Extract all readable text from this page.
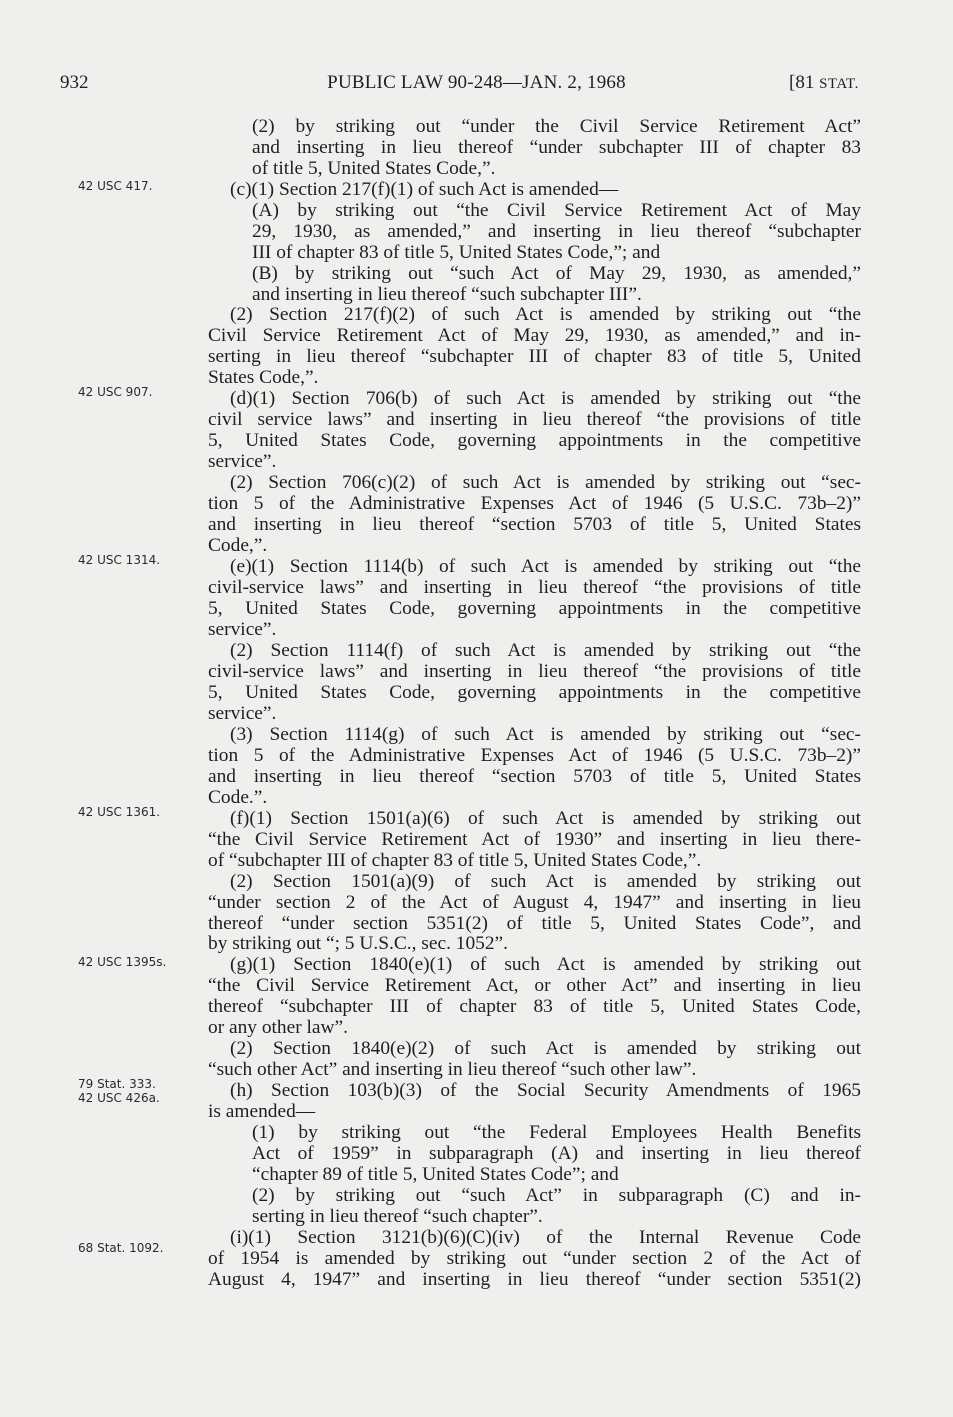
932	PUBLIC LAW 90-248—JAN. 2, 1968	[81 STAT.
42 USC 417.
42 USC 907.
42 USC 1314.
42 USC 1361.
42 USC 1395s.
79 Stat. 333.
42 USC 426a.
68 Stat. 1092.
(2) by striking out “under the Civil Service Retirement Act”
and inserting in lieu thereof “under subchapter III of chapter 83
of title 5, United States Code,”.
(c)(1) Section 217(f)(1) of such Act is amended—
(A) by striking out “the Civil Service Retirement Act of May
29, 1930, as amended,” and inserting in lieu thereof “subchapter
III of chapter 83 of title 5, United States Code,”; and
(B) by striking out “such Act of May 29, 1930, as amended,”
and inserting in lieu thereof “such subchapter III”.
(2) Section 217(f)(2) of such Act is amended by striking out “the
Civil Service Retirement Act of May 29, 1930, as amended,” and in-
serting in lieu thereof “subchapter III of chapter 83 of title 5, United
States Code,”.
(d)(1) Section 706(b) of such Act is amended by striking out “the
civil service laws” and inserting in lieu thereof “the provisions of title
5, United States Code, governing appointments in the competitive
service”.
(2) Section 706(c)(2) of such Act is amended by striking out “sec-
tion 5 of the Administrative Expenses Act of 1946 (5 U.S.C. 73b–2)”
and inserting in lieu thereof “section 5703 of title 5, United States
Code,”.
(e)(1) Section 1114(b) of such Act is amended by striking out “the
civil-service laws” and inserting in lieu thereof “the provisions of title
5, United States Code, governing appointments in the competitive
service”.
(2) Section 1114(f) of such Act is amended by striking out “the
civil-service laws” and inserting in lieu thereof “the provisions of title
5, United States Code, governing appointments in the competitive
service”.
(3) Section 1114(g) of such Act is amended by striking out “sec-
tion 5 of the Administrative Expenses Act of 1946 (5 U.S.C. 73b–2)”
and inserting in lieu thereof “section 5703 of title 5, United States
Code.”.
(f)(1) Section 1501(a)(6) of such Act is amended by striking out
“the Civil Service Retirement Act of 1930” and inserting in lieu there-
of “subchapter III of chapter 83 of title 5, United States Code,”.
(2) Section 1501(a)(9) of such Act is amended by striking out
“under section 2 of the Act of August 4, 1947” and inserting in lieu
thereof “under section 5351(2) of title 5, United States Code”, and
by striking out “; 5 U.S.C., sec. 1052”.
(g)(1) Section 1840(e)(1) of such Act is amended by striking out
“the Civil Service Retirement Act, or other Act” and inserting in lieu
thereof “subchapter III of chapter 83 of title 5, United States Code,
or any other law”.
(2) Section 1840(e)(2) of such Act is amended by striking out
“such other Act” and inserting in lieu thereof “such other law”.
(h) Section 103(b)(3) of the Social Security Amendments of 1965
is amended—
(1) by striking out “the Federal Employees Health Benefits
Act of 1959” in subparagraph (A) and inserting in lieu thereof
“chapter 89 of title 5, United States Code”; and
(2) by striking out “such Act” in subparagraph (C) and in-
serting in lieu thereof “such chapter”.
(i)(1) Section 3121(b)(6)(C)(iv) of the Internal Revenue Code
of 1954 is amended by striking out “under section 2 of the Act of
August 4, 1947” and inserting in lieu thereof “under section 5351(2)
